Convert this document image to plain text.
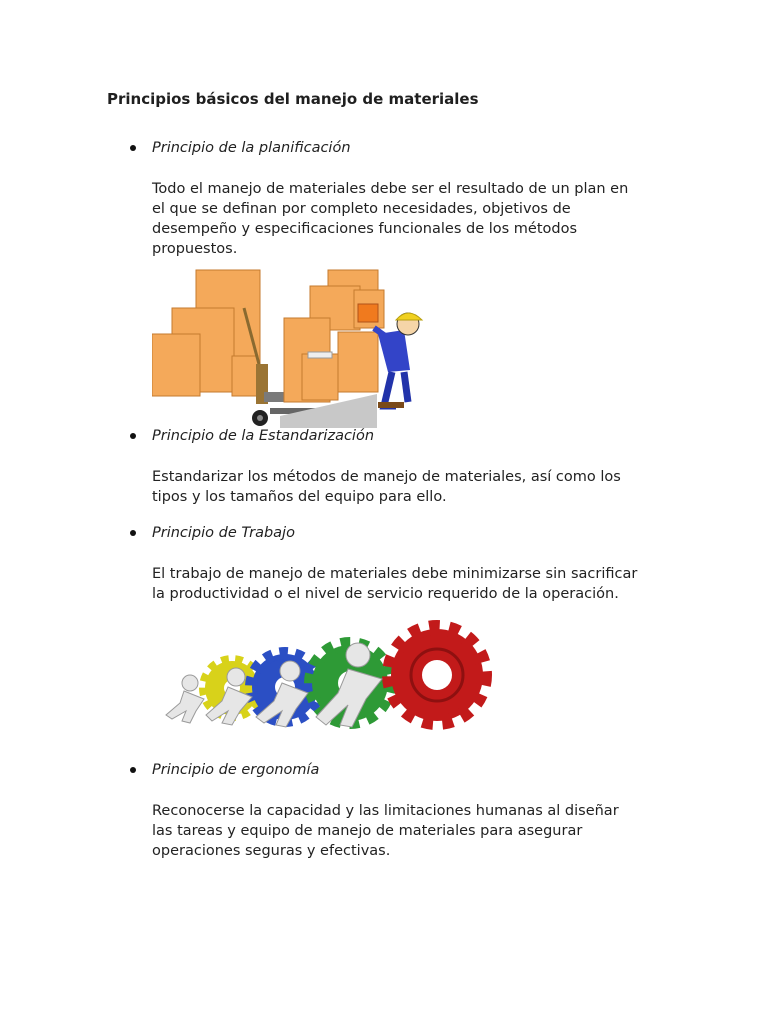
Principios básicos del manejo de materiales
Principio de la planificación
Todo el manejo de materiales debe ser el resultado de un plan en
el que se definan por completo necesidades, objetivos de
desempeño y especificaciones funcionales de los métodos
propuestos.
Principio de la Estandarización
Estandarizar los métodos de manejo de materiales, así como los
tipos y los tamaños del equipo para ello.
Principio de Trabajo
El trabajo de manejo de materiales debe minimizarse sin sacrificar
la productividad o el nivel de servicio requerido de la operación.
Principio de ergonomía
Reconocerse la capacidad y las limitaciones humanas al diseñar
las tareas y equipo de manejo de materiales para asegurar
operaciones seguras y efectivas.
